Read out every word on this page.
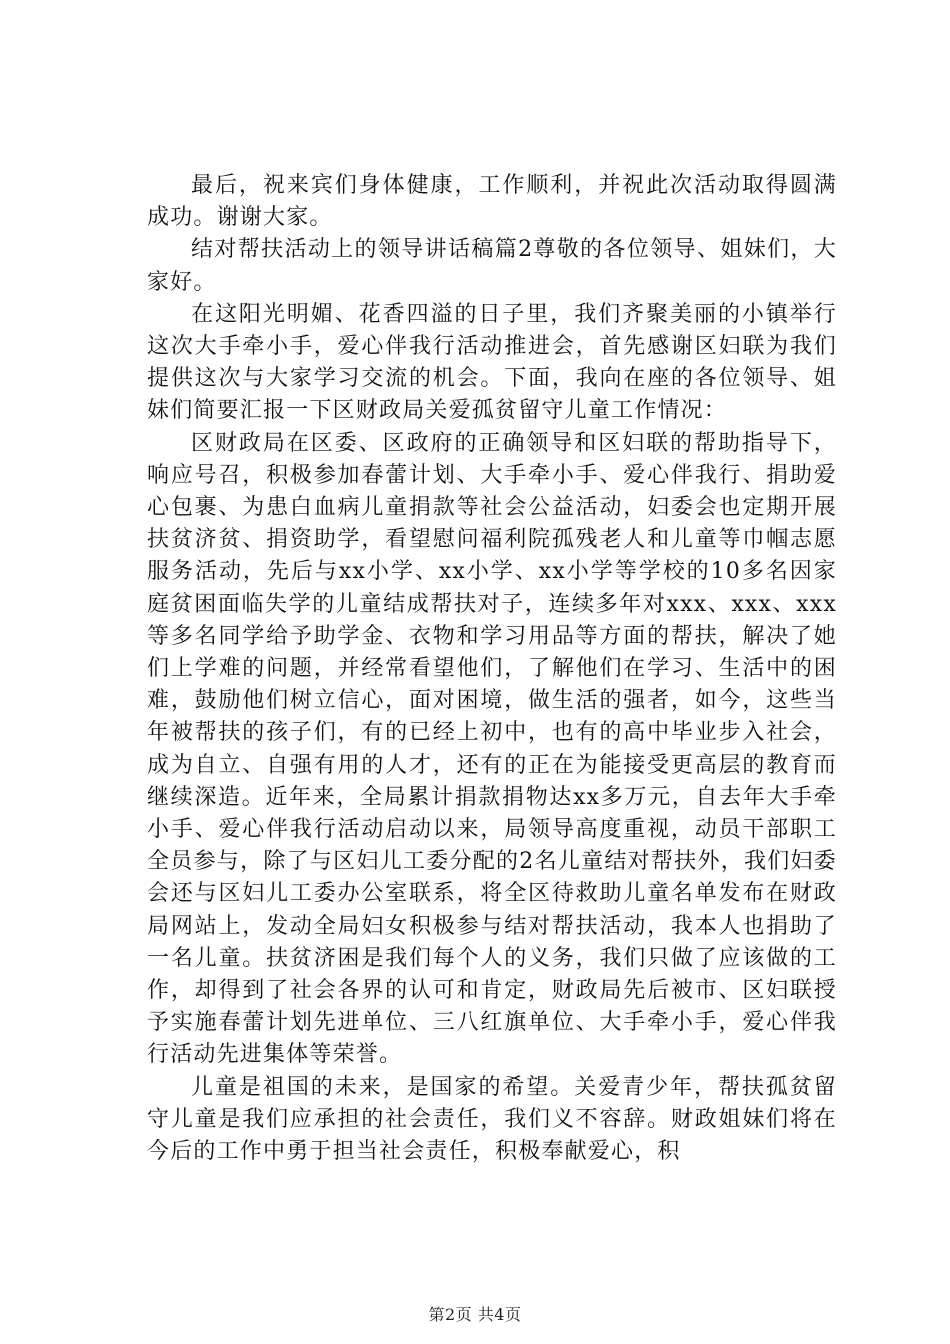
最后，祝来宾们身体健康，工作顺利，并祝此次活动取得圆满成功。谢谢大家。

结对帮扶活动上的领导讲话稿篇2尊敬的各位领导、姐妹们，大家好。

在这阳光明媚、花香四溢的日子里，我们齐聚美丽的小镇举行这次大手牵小手，爱心伴我行活动推进会，首先感谢区妇联为我们提供这次与大家学习交流的机会。下面，我向在座的各位领导、姐妹们简要汇报一下区财政局关爱孤贫留守儿童工作情况：

区财政局在区委、区政府的正确领导和区妇联的帮助指导下，响应号召，积极参加春蕾计划、大手牵小手、爱心伴我行、捐助爱心包裹、为患白血病儿童捐款等社会公益活动，妇委会也定期开展扶贫济贫、捐资助学，看望慰问福利院孤残老人和儿童等巾帼志愿服务活动，先后与xx小学、xx小学、xx小学等学校的10多名因家庭贫困面临失学的儿童结成帮扶对子，连续多年对xxx、xxx、xxx等多名同学给予助学金、衣物和学习用品等方面的帮扶，解决了她们上学难的问题，并经常看望他们，了解他们在学习、生活中的困难，鼓励他们树立信心，面对困境，做生活的强者，如今，这些当年被帮扶的孩子们，有的已经上初中，也有的高中毕业步入社会，成为自立、自强有用的人才，还有的正在为能接受更高层的教育而继续深造。近年来，全局累计捐款捐物达xx多万元，自去年大手牵小手、爱心伴我行活动启动以来，局领导高度重视，动员干部职工全员参与，除了与区妇儿工委分配的2名儿童结对帮扶外，我们妇委会还与区妇儿工委办公室联系，将全区待救助儿童名单发布在财政局网站上，发动全局妇女积极参与结对帮扶活动，我本人也捐助了一名儿童。扶贫济困是我们每个人的义务，我们只做了应该做的工作，却得到了社会各界的认可和肯定，财政局先后被市、区妇联授予实施春蕾计划先进单位、三八红旗单位、大手牵小手，爱心伴我行活动先进集体等荣誉。

儿童是祖国的未来，是国家的希望。关爱青少年，帮扶孤贫留守儿童是我们应承担的社会责任，我们义不容辞。财政姐妹们将在今后的工作中勇于担当社会责任，积极奉献爱心，积

第2页 共4页
